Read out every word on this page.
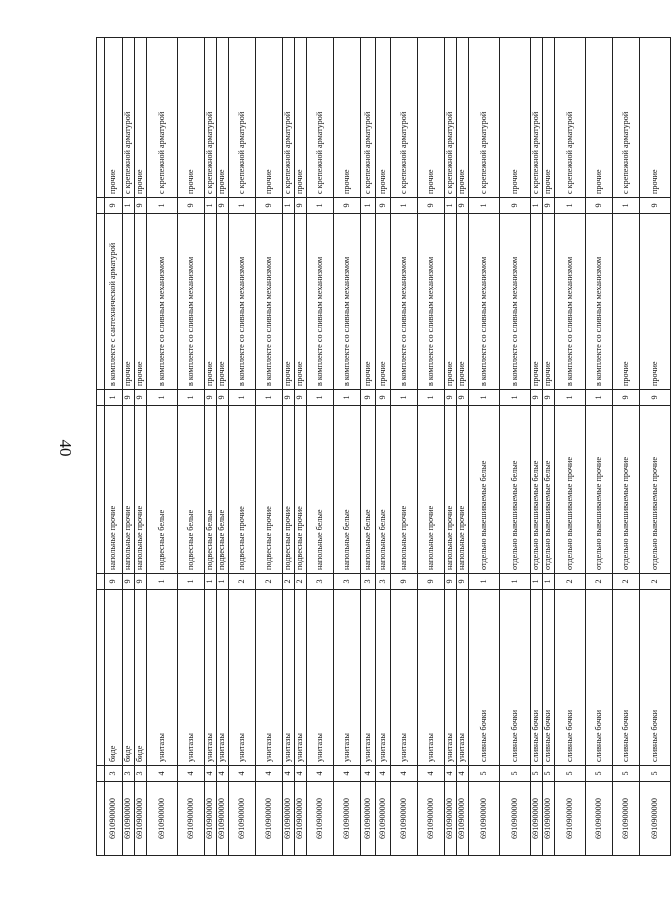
40

6910900000	3	биде	9	напольные прочие	1	в комплекте с сантехнической арматурой	9	прочие
6910900000	3	биде	9	напольные прочие	9	прочие	1	с крепежной арматурой
6910900000	3	биде	9	напольные прочие	9	прочие	9	прочие
6910900000	4	унитазы	1	подвесные белые	1	в комплекте со сливным механизмом	1	с крепежной арматурой
6910900000	4	унитазы	1	подвесные белые	1	в комплекте со сливным механизмом	9	прочие
6910900000	4	унитазы	1	подвесные белые	9	прочие	1	с крепежной арматурой
6910900000	4	унитазы	1	подвесные белые	9	прочие	9	прочие
6910900000	4	унитазы	2	подвесные прочие	1	в комплекте со сливным механизмом	1	с крепежной арматурой
6910900000	4	унитазы	2	подвесные прочие	1	в комплекте со сливным механизмом	9	прочие
6910900000	4	унитазы	2	подвесные прочие	9	прочие	1	с крепежной арматурой
6910900000	4	унитазы	2	подвесные прочие	9	прочие	9	прочие
6910900000	4	унитазы	3	напольные белые	1	в комплекте со сливным механизмом	1	с крепежной арматурой
6910900000	4	унитазы	3	напольные белые	1	в комплекте со сливным механизмом	9	прочие
6910900000	4	унитазы	3	напольные белые	9	прочие	1	с крепежной арматурой
6910900000	4	унитазы	3	напольные белые	9	прочие	9	прочие
6910900000	4	унитазы	9	напольные прочие	1	в комплекте со сливным механизмом	1	с крепежной арматурой
6910900000	4	унитазы	9	напольные прочие	1	в комплекте со сливным механизмом	9	прочие
6910900000	4	унитазы	9	напольные прочие	9	прочие	1	с крепежной арматурой
6910900000	4	унитазы	9	напольные прочие	9	прочие	9	прочие
6910900000	5	сливные бочки	1	отдельно вывешиваемые белые	1	в комплекте со сливным механизмом	1	с крепежной арматурой
6910900000	5	сливные бочки	1	отдельно вывешиваемые белые	1	в комплекте со сливным механизмом	9	прочие
6910900000	5	сливные бочки	1	отдельно вывешиваемые белые	9	прочие	1	с крепежной арматурой
6910900000	5	сливные бочки	1	отдельно вывешиваемые белые	9	прочие	9	прочие
6910900000	5	сливные бочки	2	отдельно вывешиваемые прочие	1	в комплекте со сливным механизмом	1	с крепежной арматурой
6910900000	5	сливные бочки	2	отдельно вывешиваемые прочие	1	в комплекте со сливным механизмом	9	прочие
6910900000	5	сливные бочки	2	отдельно вывешиваемые прочие	9	прочие	1	с крепежной арматурой
6910900000	5	сливные бочки	2	отдельно вывешиваемые прочие	9	прочие	9	прочие
